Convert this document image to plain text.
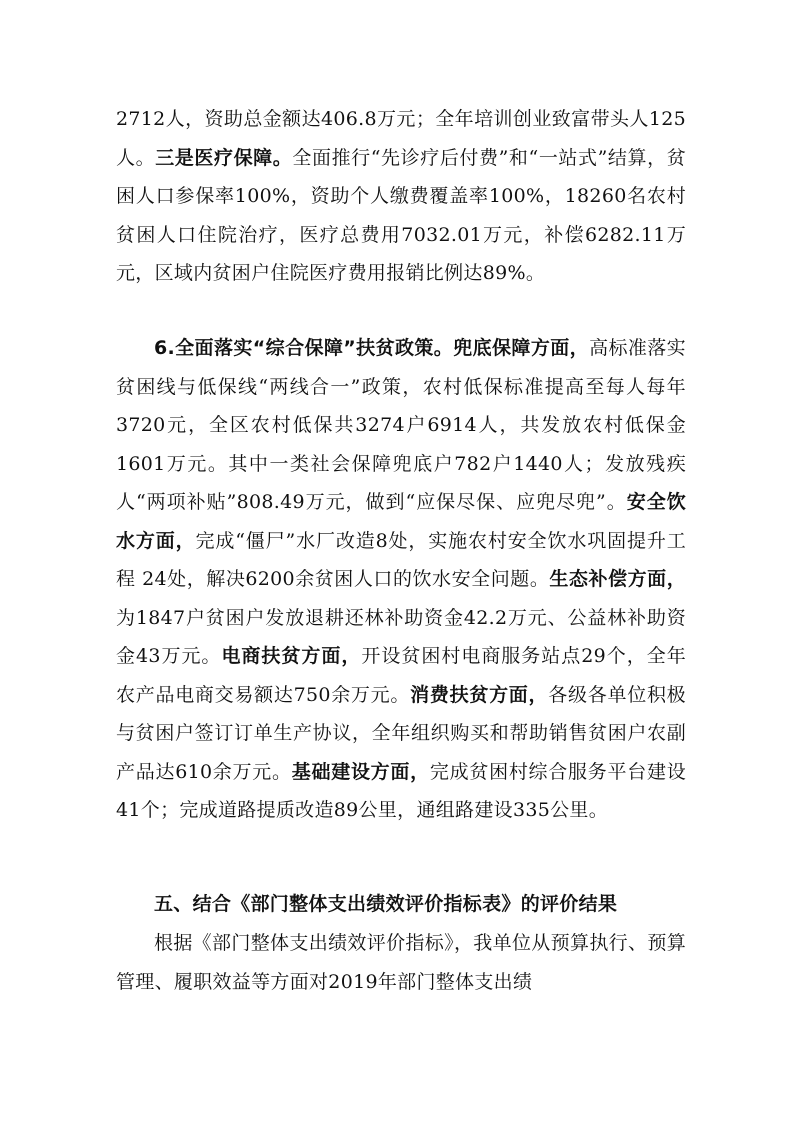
2712人，资助总金额达406.8万元；全年培训创业致富带头人125人。三是医疗保障。全面推行“先诊疗后付费”和“一站式”结算，贫困人口参保率100%，资助个人缴费覆盖率100%，18260名农村贫困人口住院治疗，医疗总费用7032.01万元，补偿6282.11万元，区域内贫困户住院医疗费用报销比例达89%。

6.全面落实“综合保障”扶贫政策。兜底保障方面，高标准落实贫困线与低保线“两线合一”政策，农村低保标准提高至每人每年3720元，全区农村低保共3274户6914人，共发放农村低保金1601万元。其中一类社会保障兜底户782户1440人；发放残疾人“两项补贴”808.49万元，做到“应保尽保、应兜尽兜”。安全饮水方面，完成“僵尸”水厂改造8处，实施农村安全饮水巩固提升工程 24处，解决6200余贫困人口的饮水安全问题。生态补偿方面，为1847户贫困户发放退耕还林补助资金42.2万元、公益林补助资金43万元。电商扶贫方面，开设贫困村电商服务站点29个，全年农产品电商交易额达750余万元。消费扶贫方面，各级各单位积极与贫困户签订订单生产协议，全年组织购买和帮助销售贫困户农副产品达610余万元。基础建设方面，完成贫困村综合服务平台建设41个；完成道路提质改造89公里，通组路建设335公里。

五、结合《部门整体支出绩效评价指标表》的评价结果

根据《部门整体支出绩效评价指标》，我单位从预算执行、预算管理、履职效益等方面对2019年部门整体支出绩
